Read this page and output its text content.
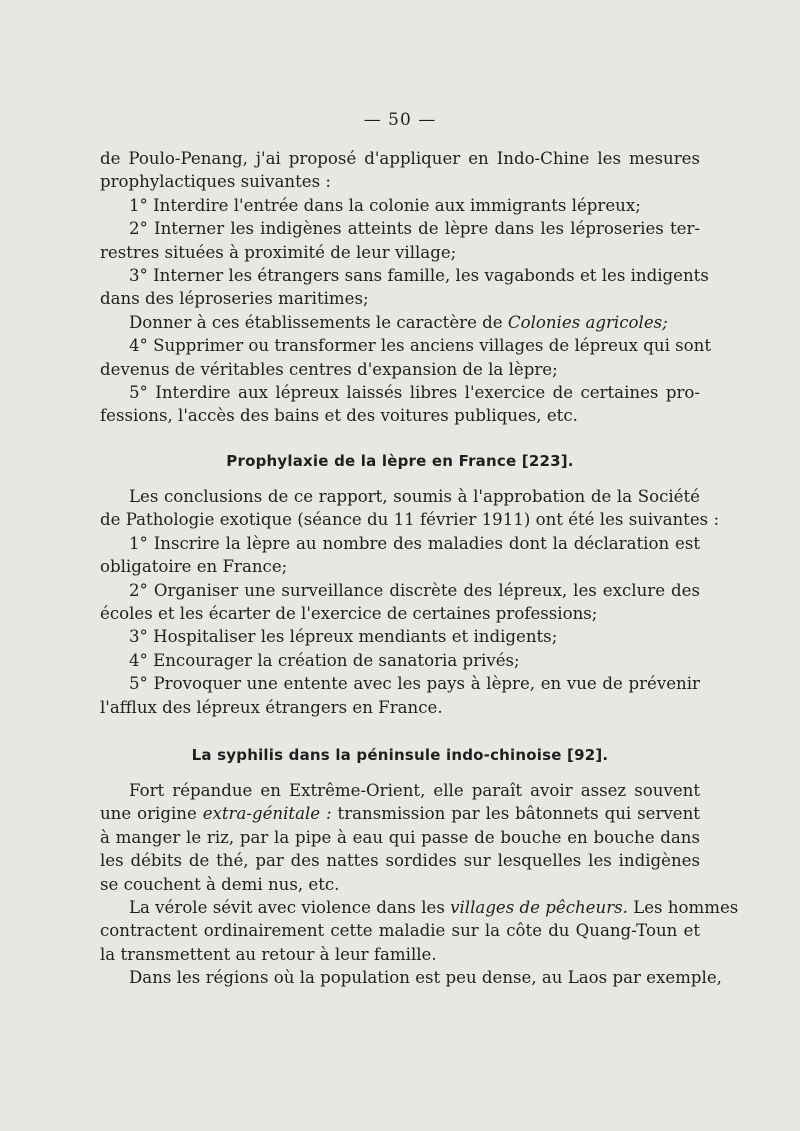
— 50 —
de Poulo-Penang, j'ai proposé d'appliquer en Indo-Chine les mesures
prophylactiques suivantes :
1° Interdire l'entrée dans la colonie aux immigrants lépreux;
2° Interner les indigènes atteints de lèpre dans les léproseries ter-
restres situées à proximité de leur village;
3° Interner les étrangers sans famille, les vagabonds et les indigents
dans des léproseries maritimes;
Donner à ces établissements le caractère de Colonies agricoles;
4° Supprimer ou transformer les anciens villages de lépreux qui sont
devenus de véritables centres d'expansion de la lèpre;
5° Interdire aux lépreux laissés libres l'exercice de certaines pro-
fessions, l'accès des bains et des voitures publiques, etc.
Prophylaxie de la lèpre en France [223].
Les conclusions de ce rapport, soumis à l'approbation de la Société
de Pathologie exotique (séance du 11 février 1911) ont été les suivantes :
1° Inscrire la lèpre au nombre des maladies dont la déclaration est
obligatoire en France;
2° Organiser une surveillance discrète des lépreux, les exclure des
écoles et les écarter de l'exercice de certaines professions;
3° Hospitaliser les lépreux mendiants et indigents;
4° Encourager la création de sanatoria privés;
5° Provoquer une entente avec les pays à lèpre, en vue de prévenir
l'afflux des lépreux étrangers en France.
La syphilis dans la péninsule indo-chinoise [92].
Fort répandue en Extrême-Orient, elle paraît avoir assez souvent
une origine extra-génitale : transmission par les bâtonnets qui servent
à manger le riz, par la pipe à eau qui passe de bouche en bouche dans
les débits de thé, par des nattes sordides sur lesquelles les indigènes
se couchent à demi nus, etc.
La vérole sévit avec violence dans les villages de pêcheurs. Les hommes
contractent ordinairement cette maladie sur la côte du Quang-Toun et
la transmettent au retour à leur famille.
Dans les régions où la population est peu dense, au Laos par exemple,
